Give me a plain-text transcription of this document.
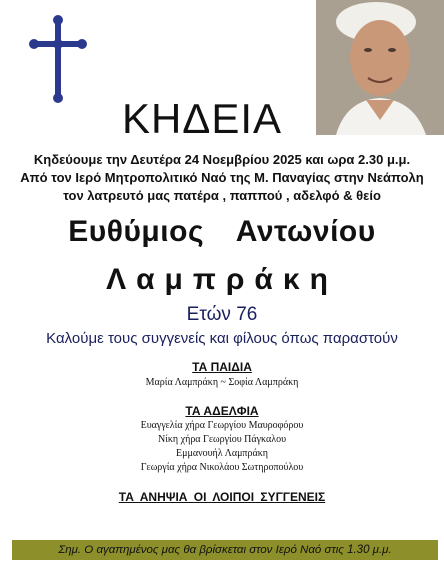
ΚΗΔΕΙΑ
Κηδεύουμε την Δευτέρα 24 Νοεμβρίου 2025 και ωρα 2.30 μ.μ.
Από τον Ιερό Μητροπολιτικό Ναό της Μ. Παναγίας στην Νεάπολη
τον λατρευτό μας πατέρα , παππού , αδελφό & θείο
Ευθύμιος Αντωνίου
Λαμπράκη
Ετών 76
Καλούμε τους συγγενείς και φίλους όπως παραστούν
ΤΑ ΠΑΙΔΙΑ
Μαρία Λαμπράκη ~ Σοφία Λαμπράκη
ΤΑ ΑΔΕΛΦΙΑ
Ευαγγελία χήρα Γεωργίου Μαυροφόρου
Νίκη χήρα Γεωργίου Πάγκαλου
Εμμανουήλ Λαμπράκη
Γεωργία χήρα Νικολάου Σωτηροπούλου
ΤΑ ΑΝΗΨΙΑ ΟΙ ΛΟΙΠΟΙ ΣΥΓΓΕΝΕΙΣ
Σημ. Ο αγαπημένος μας θα βρίσκεται στον Ιερό Ναό στις 1.30 μ.μ.
